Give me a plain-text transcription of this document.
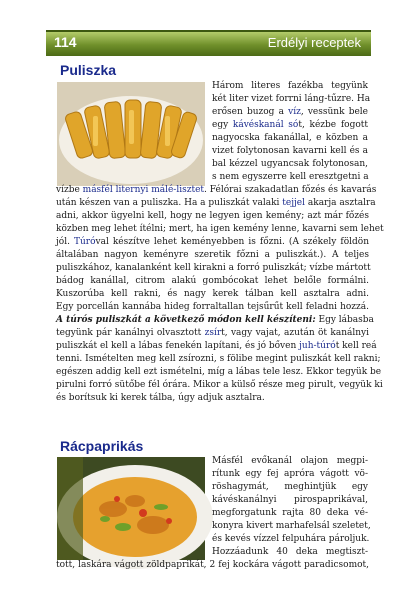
114	Erdélyi receptek
Puliszka
Három literes fazékba tegyünk
két liter vizet forrni láng-tűzre. Ha
erősen buzog a víz, vessünk bele
egy kávéskanál sót, kézbe fogott
nagyocska fakanállal, e közben a
vizet folytonosan kavarni kell és a
bal kézzel ugyancsak folytonosan,
s nem egyszerre kell eresztgetni a
vízbe másfél liternyi málé-lisztet. Félórai szakadatlan főzés és kavarás
után készen van a puliszka. Ha a puliszkát valaki tejjel akarja asztalra
adni, akkor ügyelni kell, hogy ne legyen igen kemény; azt már főzés
közben meg lehet ítélni; mert, ha igen kemény lenne, kavarni sem lehet
jól. Túróval készítve lehet keményebben is főzni. (A székely földön
általában nagyon keményre szeretik főzni a puliszkát.). A teljes
puliszkához, kanalanként kell kirakni a forró puliszkát; vízbe mártott
bádog kanállal, citrom alakú gombócokat lehet belőle formálni.
Kuszorúba kell rakni, és nagy kerek tálban kell asztalra adni.
Egy porcellán kannába hideg forraltallan tejsűrűt kell feladni hozzá.
A túrós puliszkát a következő módon kell készíteni: Egy lábasba
tegyünk pár kanálnyi olvasztott zsírt, vagy vajat, azután öt kanálnyi
puliszkát el kell a lábas fenekén lapítani, és jó bőven juh-túrót kell reá
tenni. Ismételten meg kell zsírozni, s fölibe megint puliszkát kell rakni;
egészen addig kell ezt ismételni, míg a lábas tele lesz. Ekkor tegyük be
pirulni forró sütőbe fél órára. Mikor a külső része meg pirult, vegyük ki
és borítsuk ki kerek tálba, úgy adjuk asztalra.
Rácpaprikás
Másfél evőkanál olajon megpi-
rítunk egy fej apróra vágott vö-
röshagymát, meghintjük egy
kávéskanálnyi pirospaprikával,
megforgatunk rajta 80 deka vé-
konyra kivert marhafelsál szeletet,
és kevés vízzel felpuhára pároljuk.
Hozzáadunk 40 deka megtiszt-
tott, laskára vágott zöldpaprikát, 2 fej kockára vágott paradicsomot,
